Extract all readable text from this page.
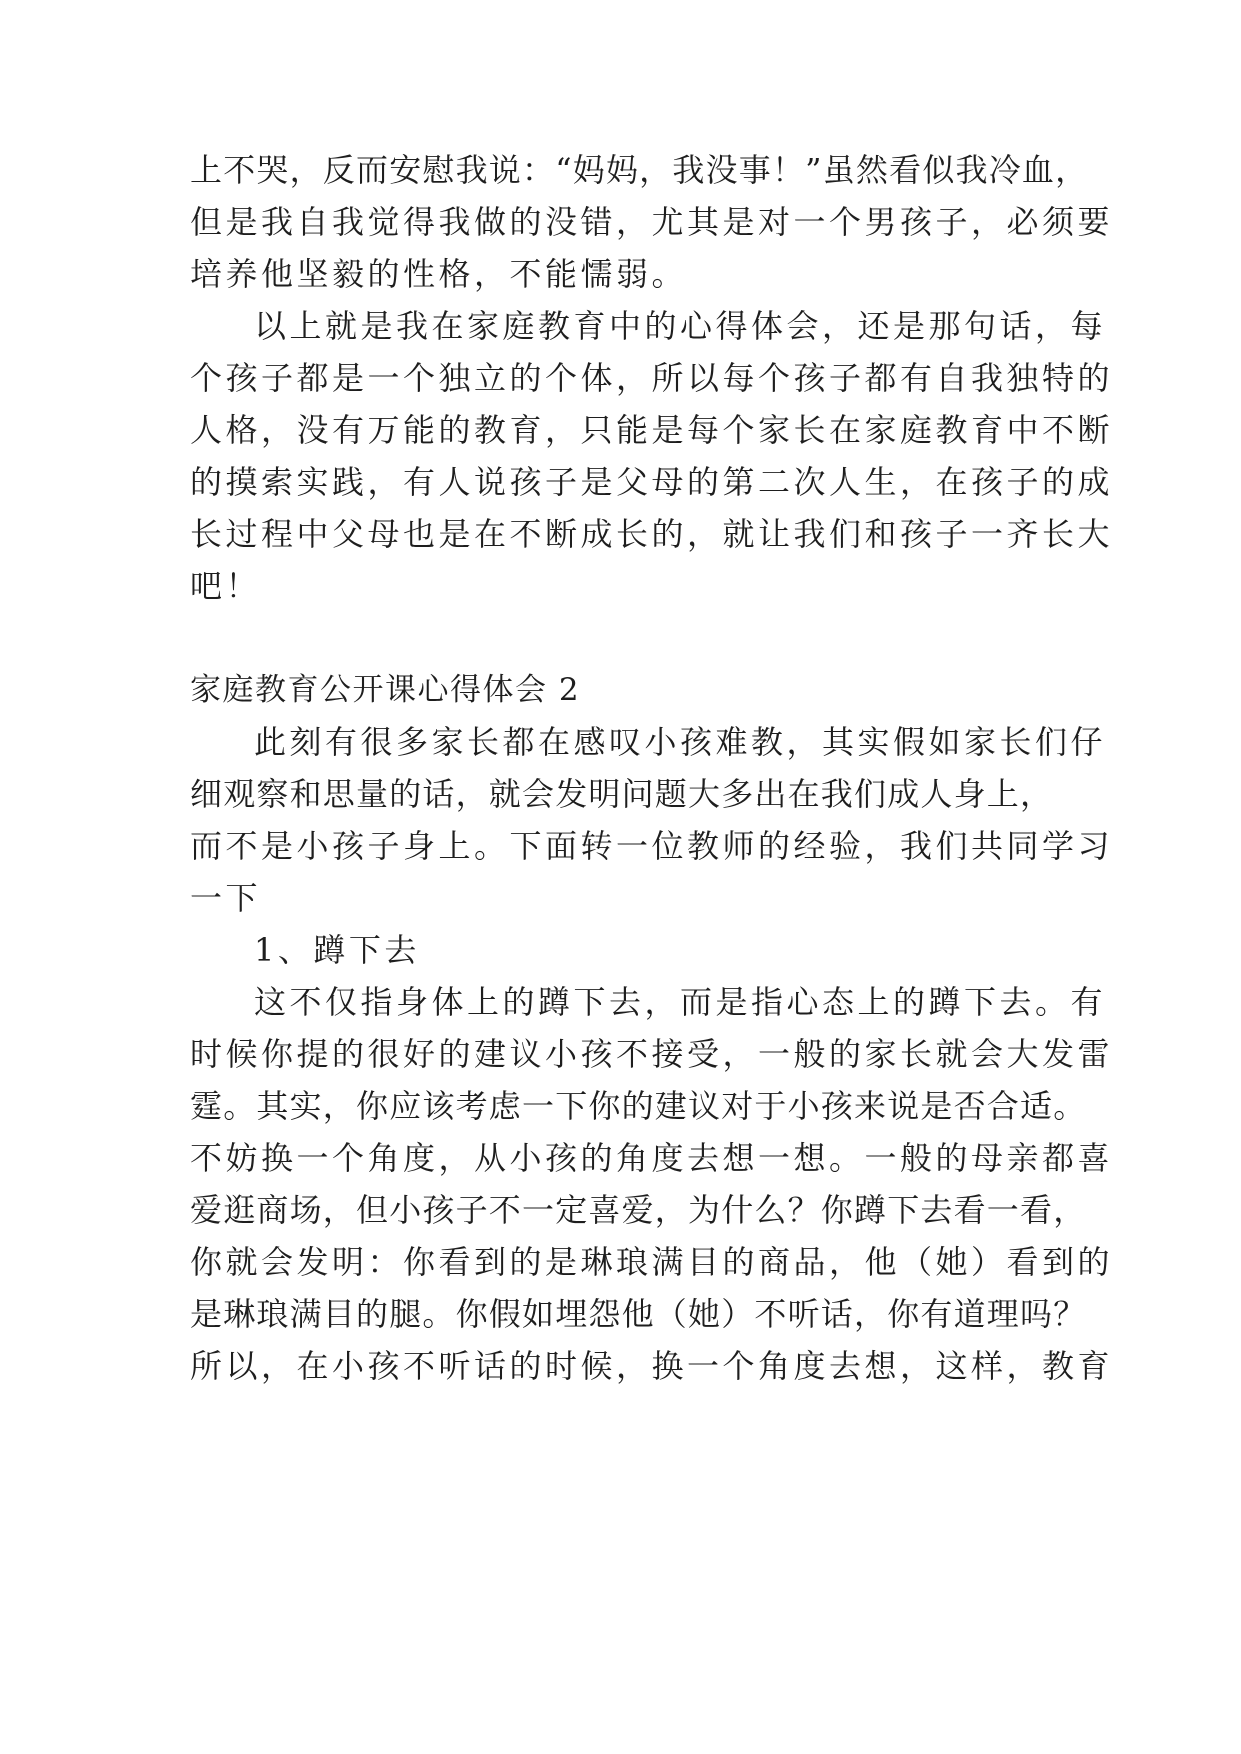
上不哭，反而安慰我说：“妈妈，我没事！”虽然看似我冷血，
但是我自我觉得我做的没错，尤其是对一个男孩子，必须要
培养他坚毅的性格，不能懦弱。
以上就是我在家庭教育中的心得体会，还是那句话，每
个孩子都是一个独立的个体，所以每个孩子都有自我独特的
人格，没有万能的教育，只能是每个家长在家庭教育中不断
的摸索实践，有人说孩子是父母的第二次人生，在孩子的成
长过程中父母也是在不断成长的，就让我们和孩子一齐长大
吧！
家庭教育公开课心得体会 2
此刻有很多家长都在感叹小孩难教，其实假如家长们仔
细观察和思量的话，就会发明问题大多出在我们成人身上，
而不是小孩子身上。下面转一位教师的经验，我们共同学习
一下
1、蹲下去
这不仅指身体上的蹲下去，而是指心态上的蹲下去。有
时候你提的很好的建议小孩不接受，一般的家长就会大发雷
霆。其实，你应该考虑一下你的建议对于小孩来说是否合适。
不妨换一个角度，从小孩的角度去想一想。一般的母亲都喜
爱逛商场，但小孩子不一定喜爱，为什么？你蹲下去看一看，
你就会发明：你看到的是琳琅满目的商品，他（她）看到的
是琳琅满目的腿。你假如埋怨他（她）不听话，你有道理吗？
所以，在小孩不听话的时候，换一个角度去想，这样，教育
